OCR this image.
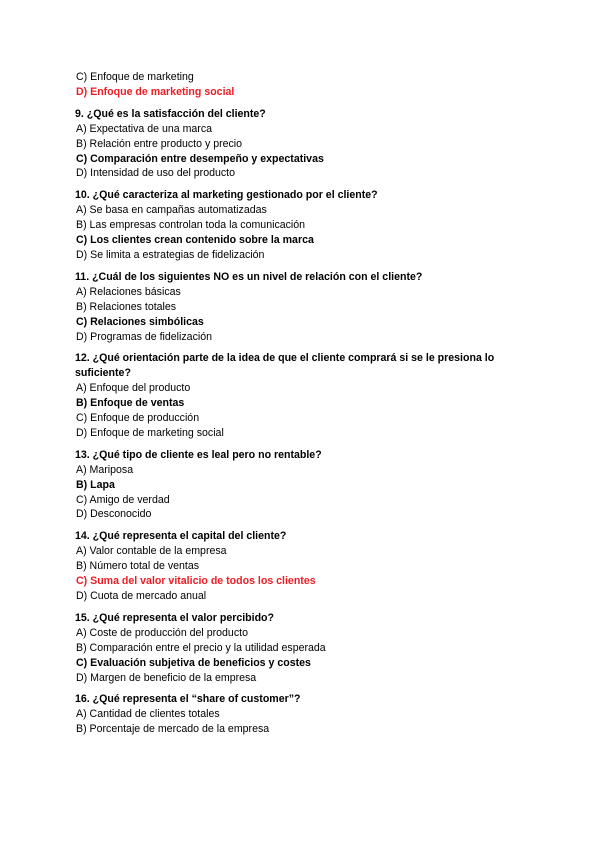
C) Enfoque de marketing
D) Enfoque de marketing social
9. ¿Qué es la satisfacción del cliente?
A) Expectativa de una marca
B) Relación entre producto y precio
C) Comparación entre desempeño y expectativas
D) Intensidad de uso del producto
10. ¿Qué caracteriza al marketing gestionado por el cliente?
A) Se basa en campañas automatizadas
B) Las empresas controlan toda la comunicación
C) Los clientes crean contenido sobre la marca
D) Se limita a estrategias de fidelización
11. ¿Cuál de los siguientes NO es un nivel de relación con el cliente?
A) Relaciones básicas
B) Relaciones totales
C) Relaciones simbólicas
D) Programas de fidelización
12. ¿Qué orientación parte de la idea de que el cliente comprará si se le presiona lo suficiente?
A) Enfoque del producto
B) Enfoque de ventas
C) Enfoque de producción
D) Enfoque de marketing social
13. ¿Qué tipo de cliente es leal pero no rentable?
A) Mariposa
B) Lapa
C) Amigo de verdad
D) Desconocido
14. ¿Qué representa el capital del cliente?
A) Valor contable de la empresa
B) Número total de ventas
C) Suma del valor vitalicio de todos los clientes
D) Cuota de mercado anual
15. ¿Qué representa el valor percibido?
A) Coste de producción del producto
B) Comparación entre el precio y la utilidad esperada
C) Evaluación subjetiva de beneficios y costes
D) Margen de beneficio de la empresa
16. ¿Qué representa el “share of customer”?
A) Cantidad de clientes totales
B) Porcentaje de mercado de la empresa
